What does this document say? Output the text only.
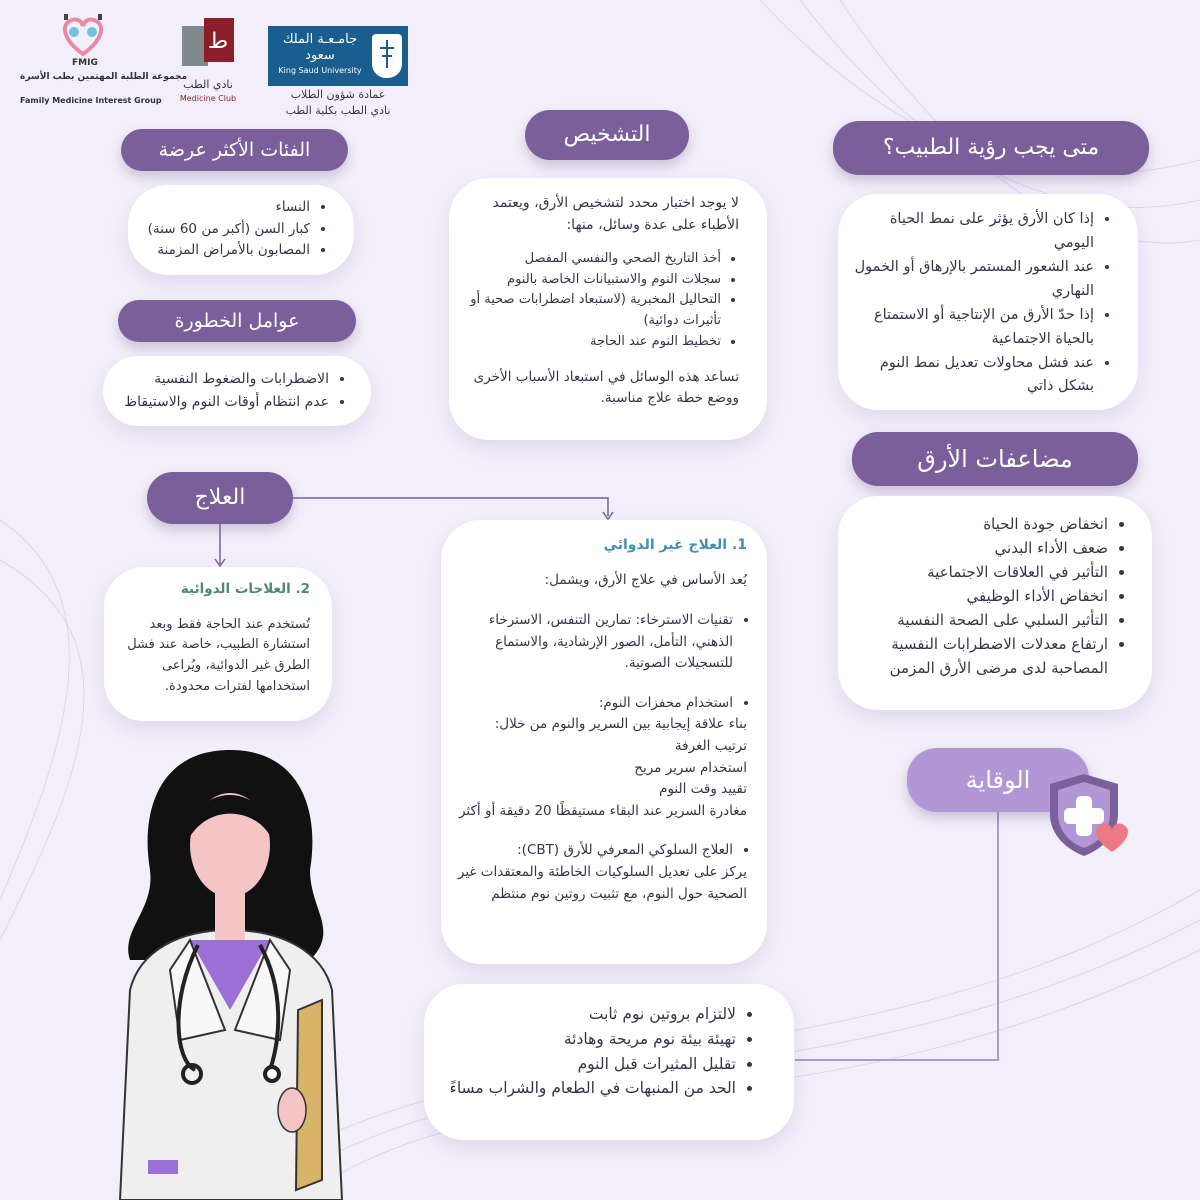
FMIG
مجموعة الطلبة المهتمين بطب الأسرة
Family Medicine Interest Group
ط
نادي الطب
Medicine Club
جامـعـة الملك سعود
King Saud University
عمادة شؤون الطلاب
نادي الطب بكلية الطب
متى يجب رؤية الطبيب؟
• إذا كان الأرق يؤثر على نمط الحياة اليومي
• عند الشعور المستمر بالإرهاق أو الخمول النهاري
• إذا حدّ الأرق من الإنتاجية أو الاستمتاع بالحياة الاجتماعية
• عند فشل محاولات تعديل نمط النوم بشكل ذاتي
مضاعفات الأرق
• انخفاض جودة الحياة
• ضعف الأداء البدني
• التأثير في العلاقات الاجتماعية
• انخفاض الأداء الوظيفي
• التأثير السلبي على الصحة النفسية
• ارتفاع معدلات الاضطرابات النفسية المصاحبة لدى مرضى الأرق المزمن
التشخيص

لا يوجد اختبار محدد لتشخيص الأرق، ويعتمد الأطباء على عدة وسائل، منها:

• أخذ التاريخ الصحي والنفسي المفصل
• سجلات النوم والاستبيانات الخاصة بالنوم
• التحاليل المخبرية (لاستبعاد اضطرابات صحية أو تأثيرات دوائية)
• تخطيط النوم عند الحاجة

تساعد هذه الوسائل في استبعاد الأسباب الأخرى ووضع خطة علاج مناسبة.

الفئات الأكثر عرضة
• النساء
• كبار السن (أكبر من 60 سنة)
• المصابون بالأمراض المزمنة
عوامل الخطورة
• الاضطرابات والضغوط النفسية
• عدم انتظام أوقات النوم والاستيقاظ
العلاج

1. العلاج غير الدوائي

يُعد الأساس في علاج الأرق، ويشمل:

• تقنيات الاسترخاء: تمارين التنفس، الاسترخاء الذهني، التأمل، الصور الإرشادية، والاستماع للتسجيلات الصوتية.
• استخدام محفزات النوم:
بناء علاقة إيجابية بين السرير والنوم من خلال:
ترتيب الغرفة
استخدام سرير مريح
تقييد وقت النوم
مغادرة السرير عند البقاء مستيقظًا 20 دقيقة أو أكثر
• العلاج السلوكي المعرفي للأرق (CBT):
يركز على تعديل السلوكيات الخاطئة والمعتقدات غير الصحية حول النوم، مع تثبيت روتين نوم منتظم

2. العلاجات الدوائية

تُستخدم عند الحاجة فقط وبعد استشارة الطبيب، خاصة عند فشل الطرق غير الدوائية، ويُراعى استخدامها لفترات محدودة.

الوقاية
• لالتزام بروتين نوم ثابت
• تهيئة بيئة نوم مريحة وهادئة
• تقليل المثيرات قبل النوم
• الحد من المنبهات في الطعام والشراب مساءً
